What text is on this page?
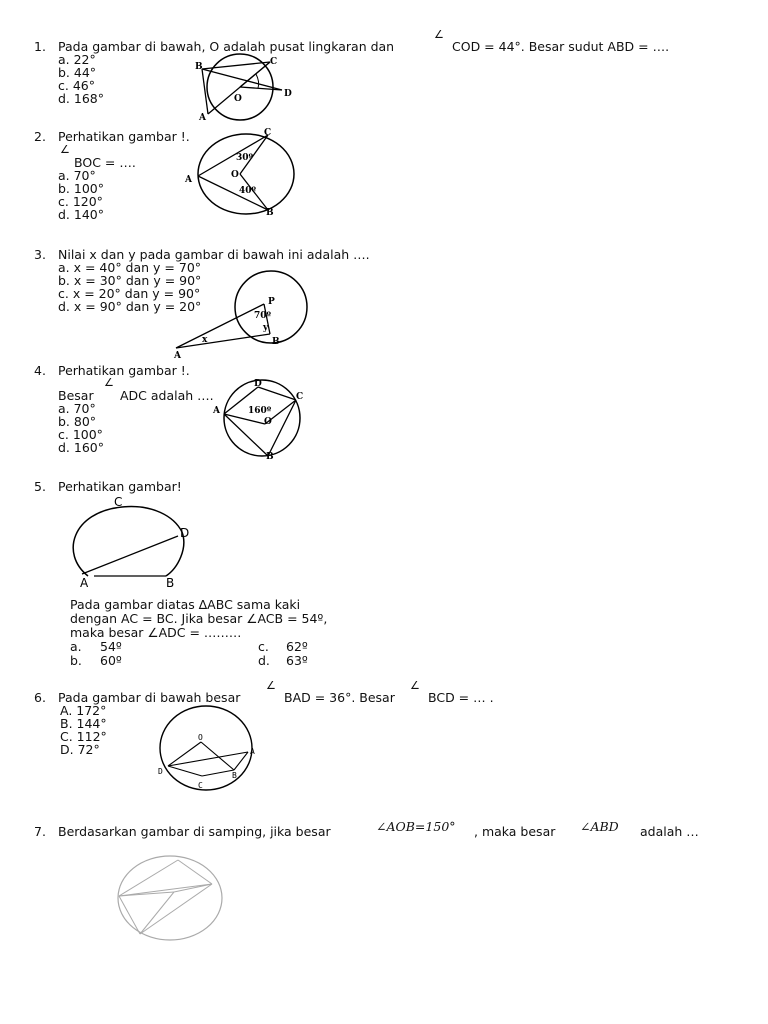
1. Pada gambar di bawah, O adalah pusat lingkaran dan
∠
COD = 44°. Besar sudut ABD = ….
a. 22°
b. 44°
c. 46°
d. 168°
B	C
O	D
A
2. Perhatikan gambar !.
∠
BOC = ….
a. 70°
b. 100°
c. 120°
d. 140°
C
A	O
B
30º
40º
3. Nilai x dan y pada gambar di bawah ini adalah ….
a. x = 40° dan y = 70°
b. x = 30° dan y = 90°
c. x = 20° dan y = 90°
d. x = 90° dan y = 20°	P
B
A
x
y
70º
4. Perhatikan gambar !.
∠
Besar ADC adalah ….
a. 70°
b. 80°
c. 100°
d. 160°
D
C
A
O
B
160º
5. Perhatikan gambar!
C
D
A	B
Pada gambar diatas ∆ABC sama kaki
dengan AC = BC. Jika besar ∠ACB = 54º,
maka besar ∠ADC = ………
a. 54º	c. 62º
b. 60º	d. 63º
6. Pada gambar di bawah besar
∠
BAD = 36°. Besar
∠
BCD = … .
A. 172°
B. 144°
C. 112°
D. 72°
O
A
D	B
C
7. Berdasarkan gambar di samping, jika besar	∠AOB=150° , maka besar ∠ABD adalah …
